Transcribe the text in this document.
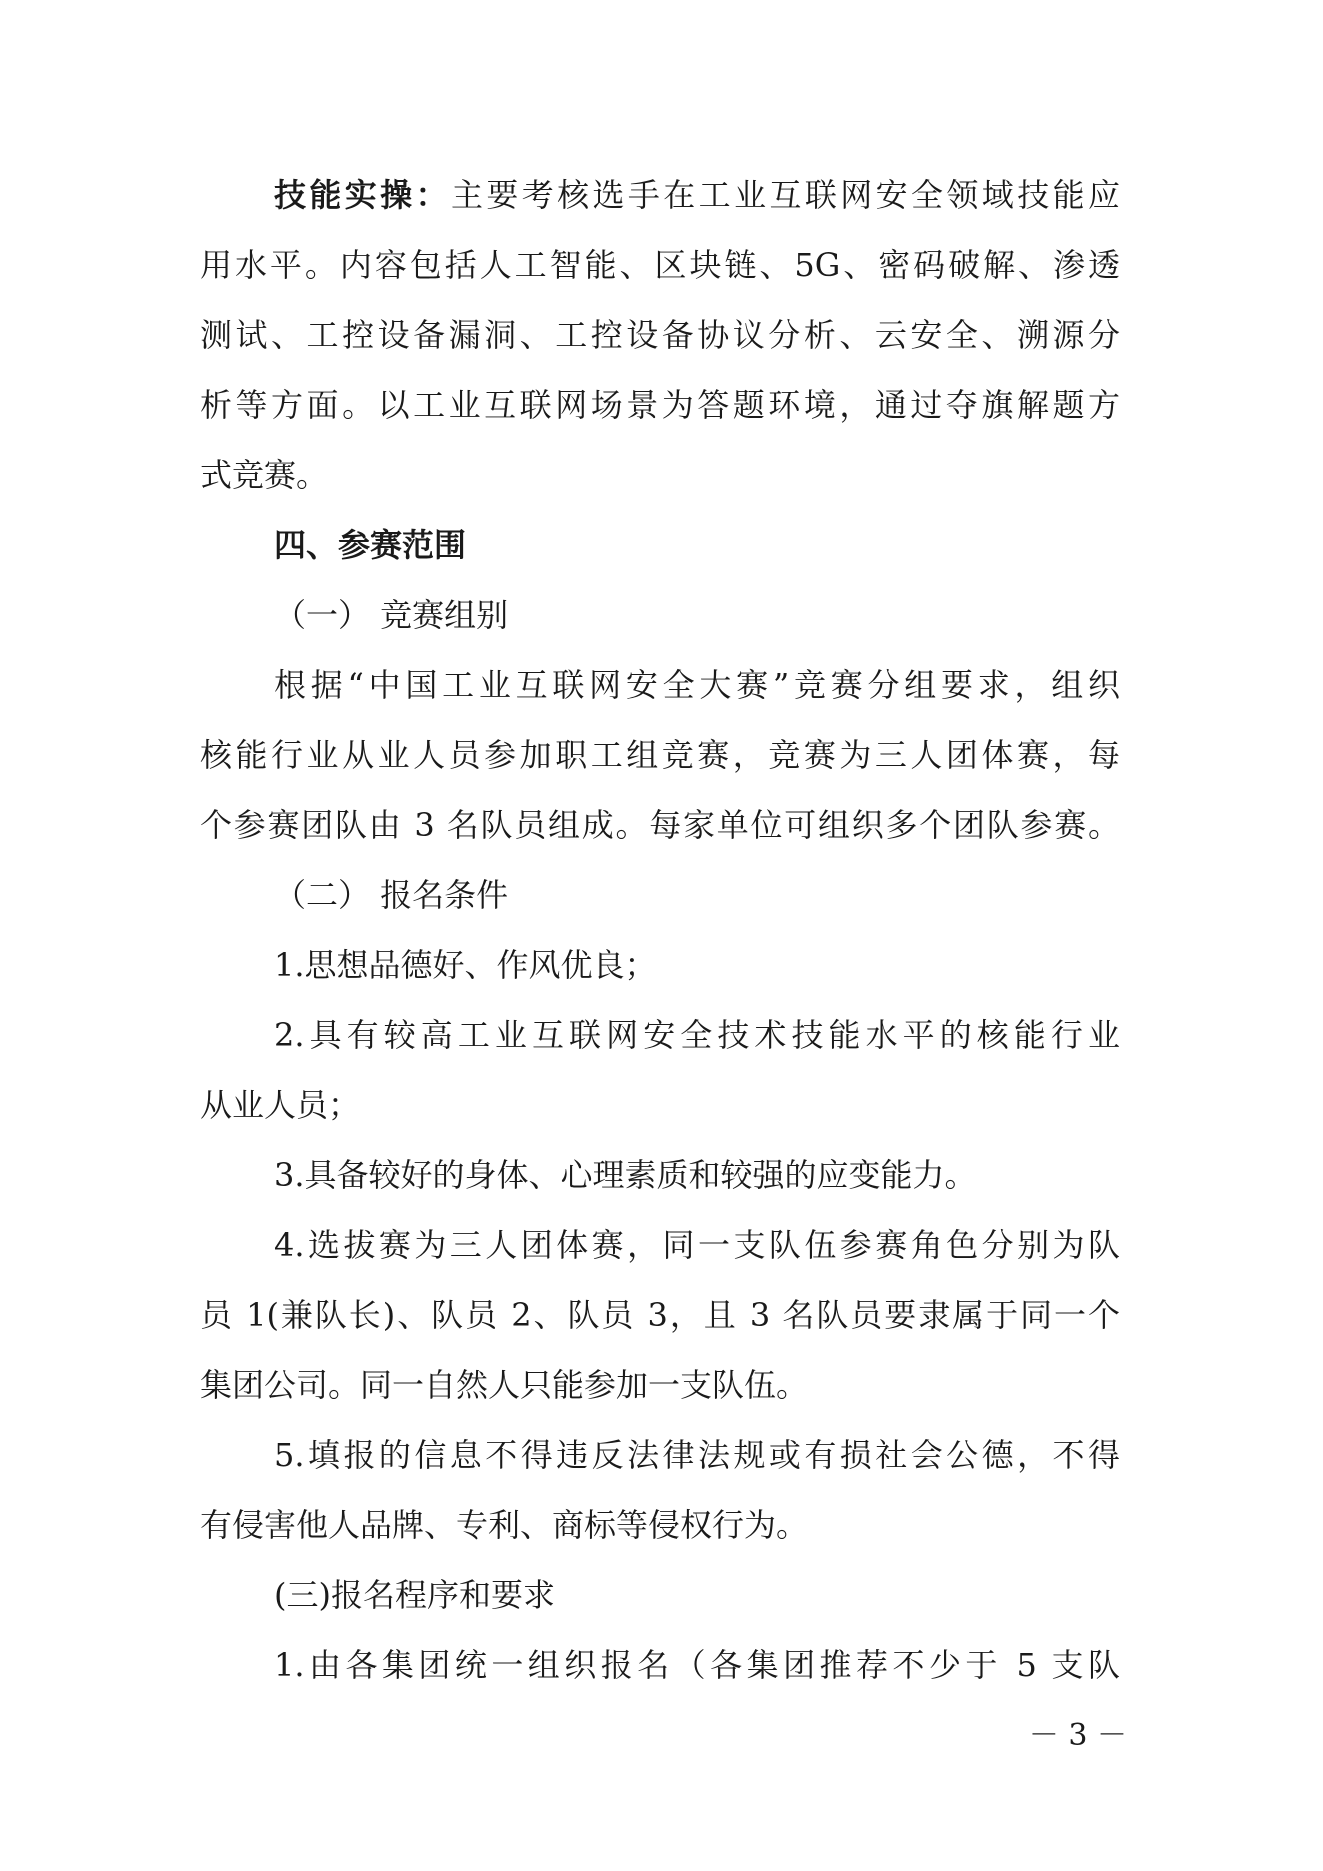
技能实操：主要考核选手在工业互联网安全领域技能应
用水平。内容包括人工智能、区块链、5G、密码破解、渗透
测试、工控设备漏洞、工控设备协议分析、云安全、溯源分
析等方面。以工业互联网场景为答题环境，通过夺旗解题方
式竞赛。
四、参赛范围
（一） 竞赛组别
根据“中国工业互联网安全大赛”竞赛分组要求，组织
核能行业从业人员参加职工组竞赛，竞赛为三人团体赛，每
个参赛团队由 3 名队员组成。每家单位可组织多个团队参赛。
（二） 报名条件
1.思想品德好、作风优良；
2.具有较高工业互联网安全技术技能水平的核能行业
从业人员；
3.具备较好的身体、心理素质和较强的应变能力。
4.选拔赛为三人团体赛，同一支队伍参赛角色分别为队
员 1(兼队长)、队员 2、队员 3，且 3 名队员要隶属于同一个
集团公司。同一自然人只能参加一支队伍。
5.填报的信息不得违反法律法规或有损社会公德，不得
有侵害他人品牌、专利、商标等侵权行为。
(三)报名程序和要求
1.由各集团统一组织报名（各集团推荐不少于 5 支队
－ 3 －
